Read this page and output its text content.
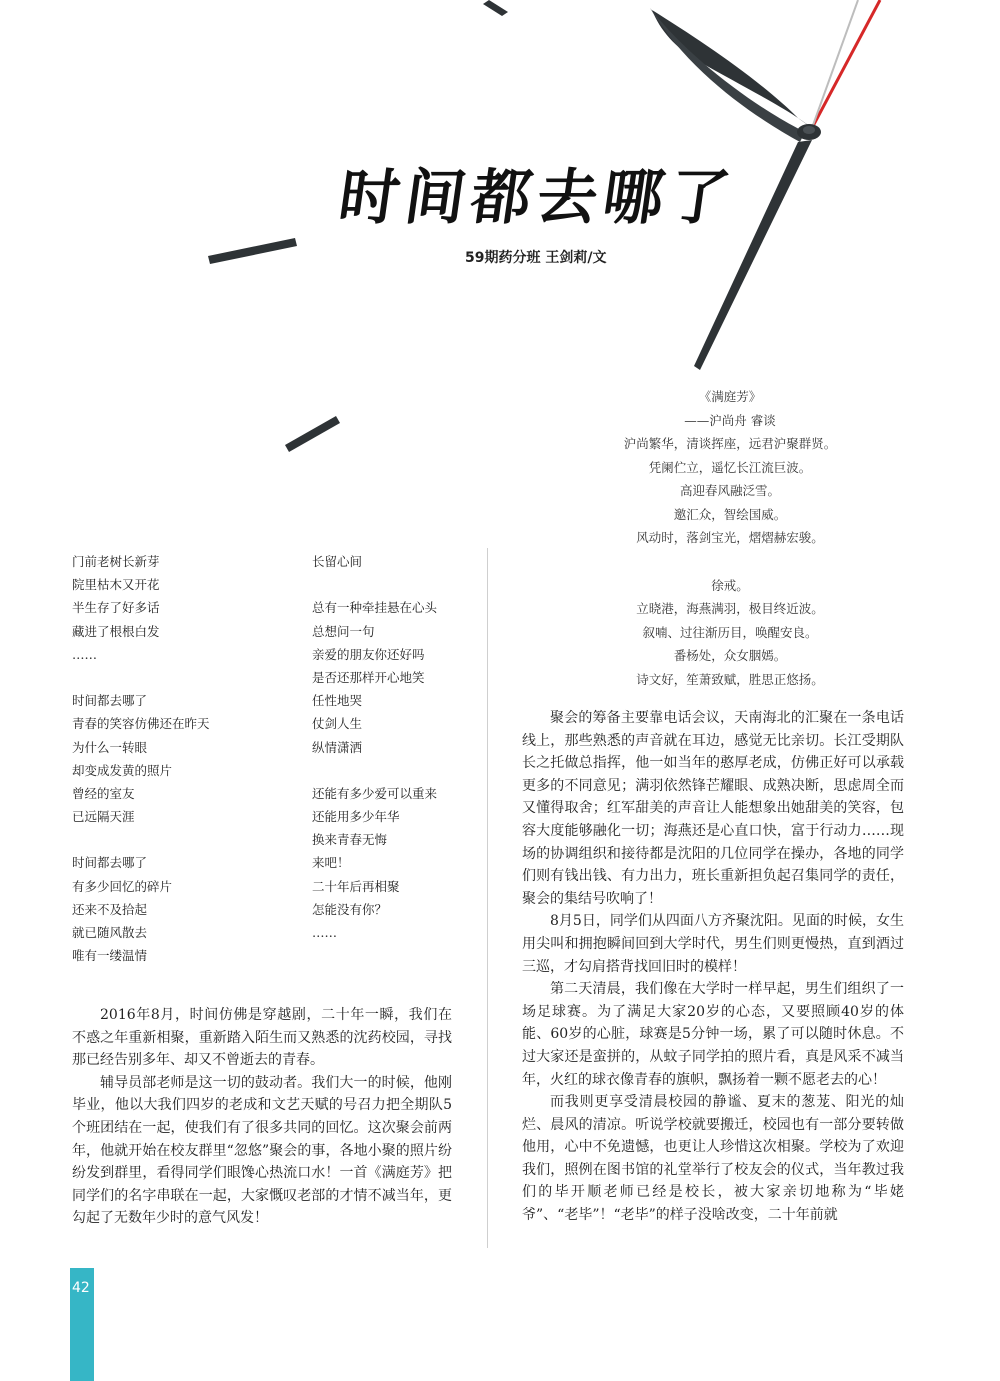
时间都去哪了
59期药分班 王剑莉/文
《满庭芳》
——沪尚舟 睿谈
沪尚繁华，清谈挥座，远君沪聚群贤。
凭阑伫立，遥忆长江流巨波。
高迎春风融泛雪。
邀汇众，智绘国威。
风动时，落剑宝光，熠熠赫宏骏。
徐戒。
立晓港，海燕满羽，极目终近波。
叙喃、过往渐历目，唤醒安良。
番杨处，众女胭嫣。
诗文好，笙萧致赋，胜思正悠扬。
门前老树长新芽
院里枯木又开花
半生存了好多话
藏进了根根白发
……
时间都去哪了
青春的笑容仿佛还在昨天
为什么一转眼
却变成发黄的照片
曾经的室友
已远隔天涯
时间都去哪了
有多少回忆的碎片
还来不及拾起
就已随风散去
唯有一缕温情
长留心间
总有一种牵挂悬在心头
总想问一句
亲爱的朋友你还好吗
是否还那样开心地笑
任性地哭
仗剑人生
纵情潇洒
还能有多少爱可以重来
还能用多少年华
换来青春无悔
来吧！
二十年后再相聚
怎能没有你？
……

2016年8月，时间仿佛是穿越剧，二十年一瞬，我们在不惑之年重新相聚，重新踏入陌生而又熟悉的沈药校园，寻找那已经告别多年、却又不曾逝去的青春。

辅导员部老师是这一切的鼓动者。我们大一的时候，他刚毕业，他以大我们四岁的老成和文艺天赋的号召力把全期队5个班团结在一起，使我们有了很多共同的回忆。这次聚会前两年，他就开始在校友群里“忽悠”聚会的事，各地小聚的照片纷纷发到群里，看得同学们眼馋心热流口水！一首《满庭芳》把同学们的名字串联在一起，大家慨叹老部的才情不减当年，更勾起了无数年少时的意气风发！

聚会的筹备主要靠电话会议，天南海北的汇聚在一条电话线上，那些熟悉的声音就在耳边，感觉无比亲切。长江受期队长之托做总指挥，他一如当年的憨厚老成，仿佛正好可以承载更多的不同意见；满羽依然锋芒耀眼、成熟决断，思虑周全而又懂得取舍；红军甜美的声音让人能想象出她甜美的笑容，包容大度能够融化一切；海燕还是心直口快，富于行动力……现场的协调组织和接待都是沈阳的几位同学在操办，各地的同学们则有钱出钱、有力出力，班长重新担负起召集同学的责任，聚会的集结号吹响了！

8月5日，同学们从四面八方齐聚沈阳。见面的时候，女生用尖叫和拥抱瞬间回到大学时代，男生们则更慢热，直到酒过三巡，才勾肩搭背找回旧时的模样！

第二天清晨，我们像在大学时一样早起，男生们组织了一场足球赛。为了满足大家20岁的心态，又要照顾40岁的体能、60岁的心脏，球赛是5分钟一场，累了可以随时休息。不过大家还是蛮拼的，从蚊子同学拍的照片看，真是风采不减当年，火红的球衣像青春的旗帜，飘扬着一颗不愿老去的心！

而我则更享受清晨校园的静谧、夏末的葱茏、阳光的灿烂、晨风的清凉。听说学校就要搬迁，校园也有一部分要转做他用，心中不免遗憾，也更让人珍惜这次相聚。学校为了欢迎我们，照例在图书馆的礼堂举行了校友会的仪式，当年教过我们的毕开顺老师已经是校长，被大家亲切地称为“毕姥爷”、“老毕”！“老毕”的样子没啥改变，二十年前就

42
